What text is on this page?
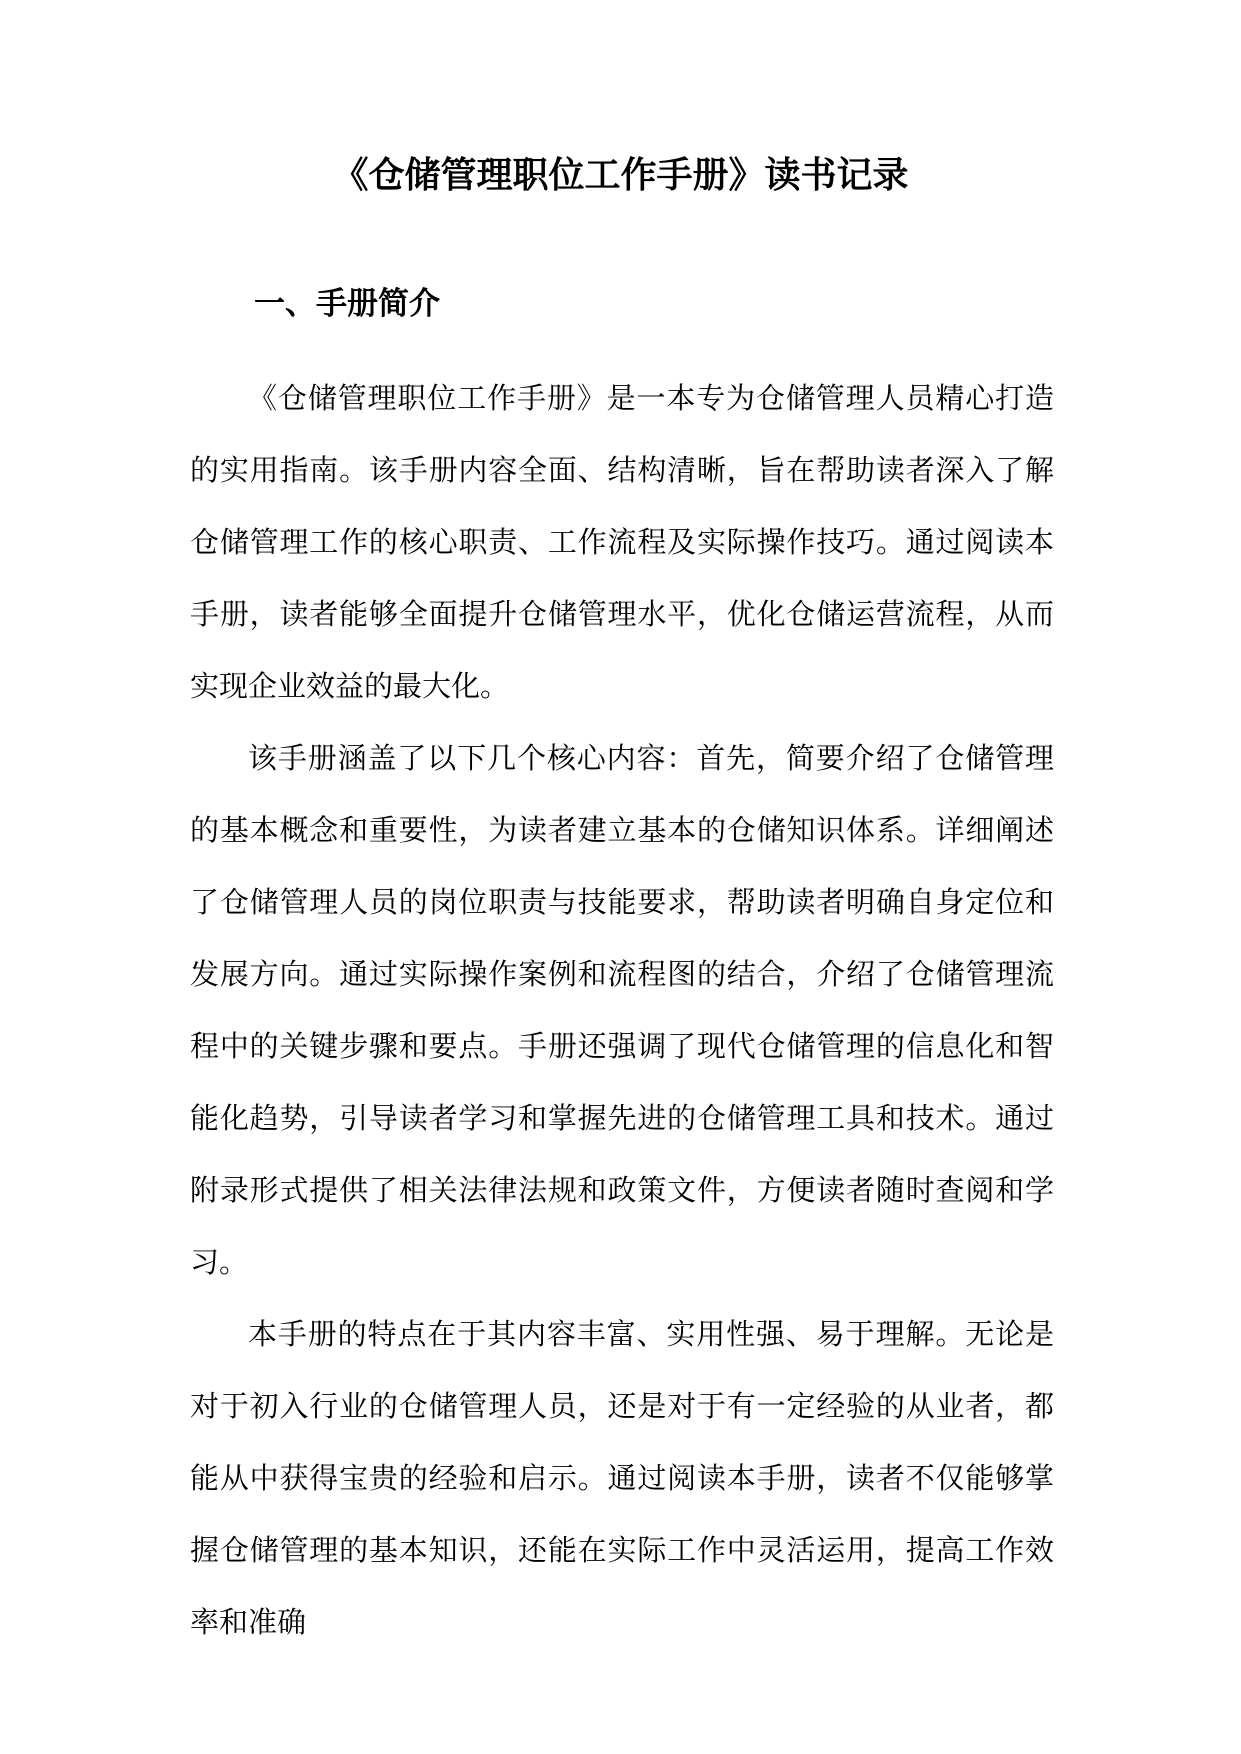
《仓储管理职位工作手册》读书记录
一、手册简介

《仓储管理职位工作手册》是一本专为仓储管理人员精心打造的实用指南。该手册内容全面、结构清晰，旨在帮助读者深入了解仓储管理工作的核心职责、工作流程及实际操作技巧。通过阅读本手册，读者能够全面提升仓储管理水平，优化仓储运营流程，从而实现企业效益的最大化。

该手册涵盖了以下几个核心内容：首先，简要介绍了仓储管理的基本概念和重要性，为读者建立基本的仓储知识体系。详细阐述了仓储管理人员的岗位职责与技能要求，帮助读者明确自身定位和发展方向。通过实际操作案例和流程图的结合，介绍了仓储管理流程中的关键步骤和要点。手册还强调了现代仓储管理的信息化和智能化趋势，引导读者学习和掌握先进的仓储管理工具和技术。通过附录形式提供了相关法律法规和政策文件，方便读者随时查阅和学习。

本手册的特点在于其内容丰富、实用性强、易于理解。无论是对于初入行业的仓储管理人员，还是对于有一定经验的从业者，都能从中获得宝贵的经验和启示。通过阅读本手册，读者不仅能够掌握仓储管理的基本知识，还能在实际工作中灵活运用，提高工作效率和准确
